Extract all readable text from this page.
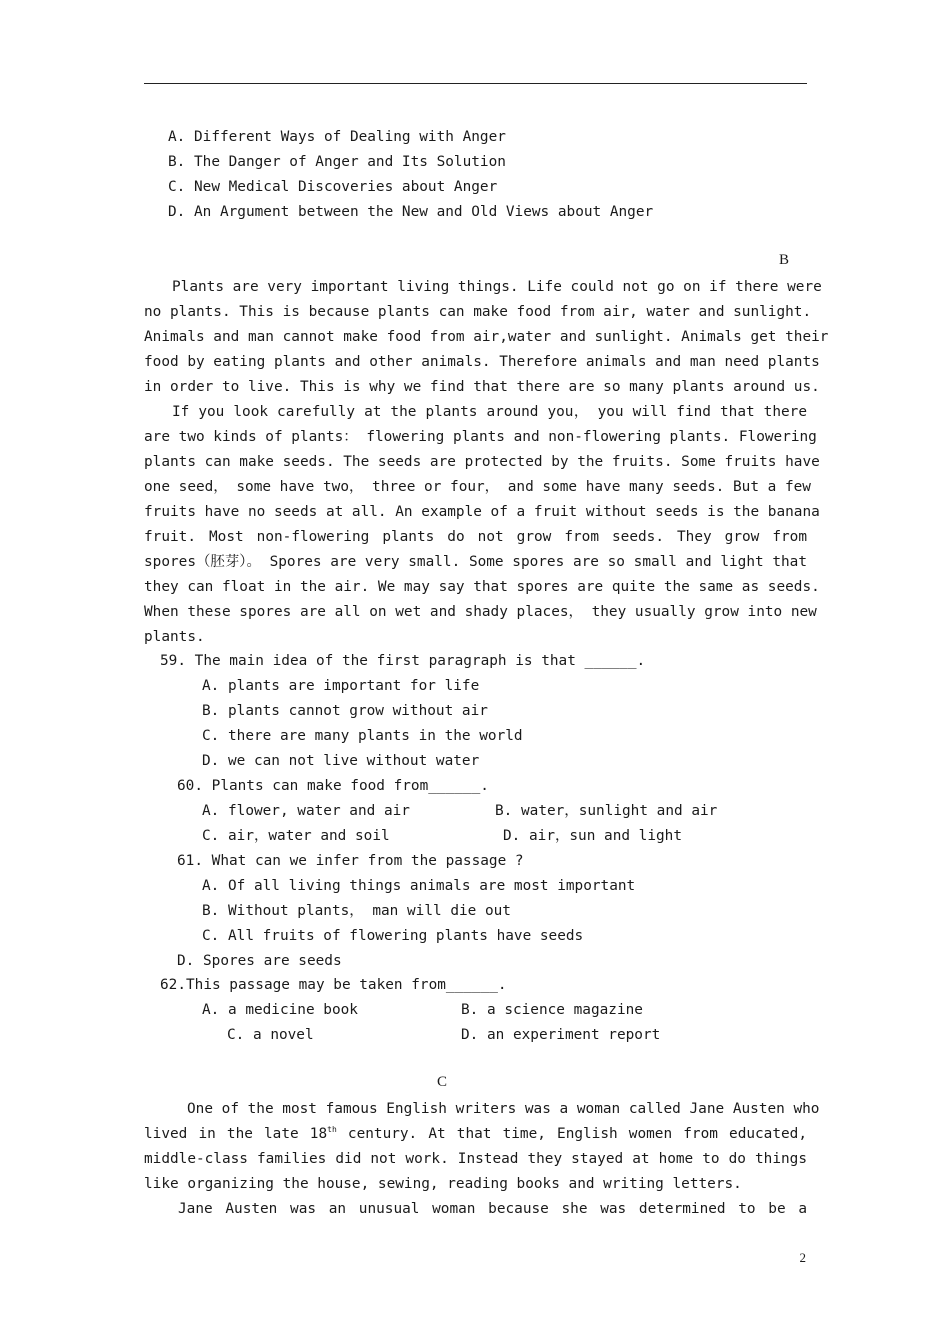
A. Different Ways of Dealing with Anger
B. The Danger of Anger and Its Solution
C. New Medical Discoveries about Anger
D. An Argument between the New and Old Views about Anger
B
Plants are very important living things. Life could not go on if there were
no plants. This is because plants can make food from air, water and sunlight.
Animals and man cannot make food from air,water and sunlight. Animals get their
food by eating plants and other animals. Therefore animals and man need plants
in order to live. This is why we find that there are so many plants around us.
If you look carefully at the plants around you， you will find that there
are two kinds of plants： flowering plants and non-flowering plants. Flowering
plants can make seeds. The seeds are protected by the fruits. Some fruits have
one seed， some have two， three or four， and some have many seeds. But a few
fruits have no seeds at all. An example of a fruit without seeds is the banana
fruit. Most non-flowering plants do not grow from seeds. They grow from
spores（胚芽）。 Spores are very small. Some spores are so small and light that
they can float in the air. We may say that spores are quite the same as seeds.
When these spores are all on wet and shady places， they usually grow into new
plants.
59. The main idea of the first paragraph is that ______.
A. plants are important for life
B. plants cannot grow without air
C. there are many plants in the world
D. we can not live without water
60. Plants can make food from______.
A. flower, water and air	B. water，sunlight and air
C. air，water and soil	D. air，sun and light
61. What can we infer from the passage ?
A. Of all living things animals are most important
B. Without plants， man will die out
C. All fruits of flowering plants have seeds
D. Spores are seeds
62.This passage may be taken from______.
A. a medicine book	B. a science magazine
C. a novel	D. an experiment report
C
One of the most famous English writers was a woman called Jane Austen who
lived in the late 18th century. At that time, English women from educated,
middle-class families did not work. Instead they stayed at home to do things
like organizing the house, sewing, reading books and writing letters.
Jane Austen was an unusual woman because she was determined to be a
2
